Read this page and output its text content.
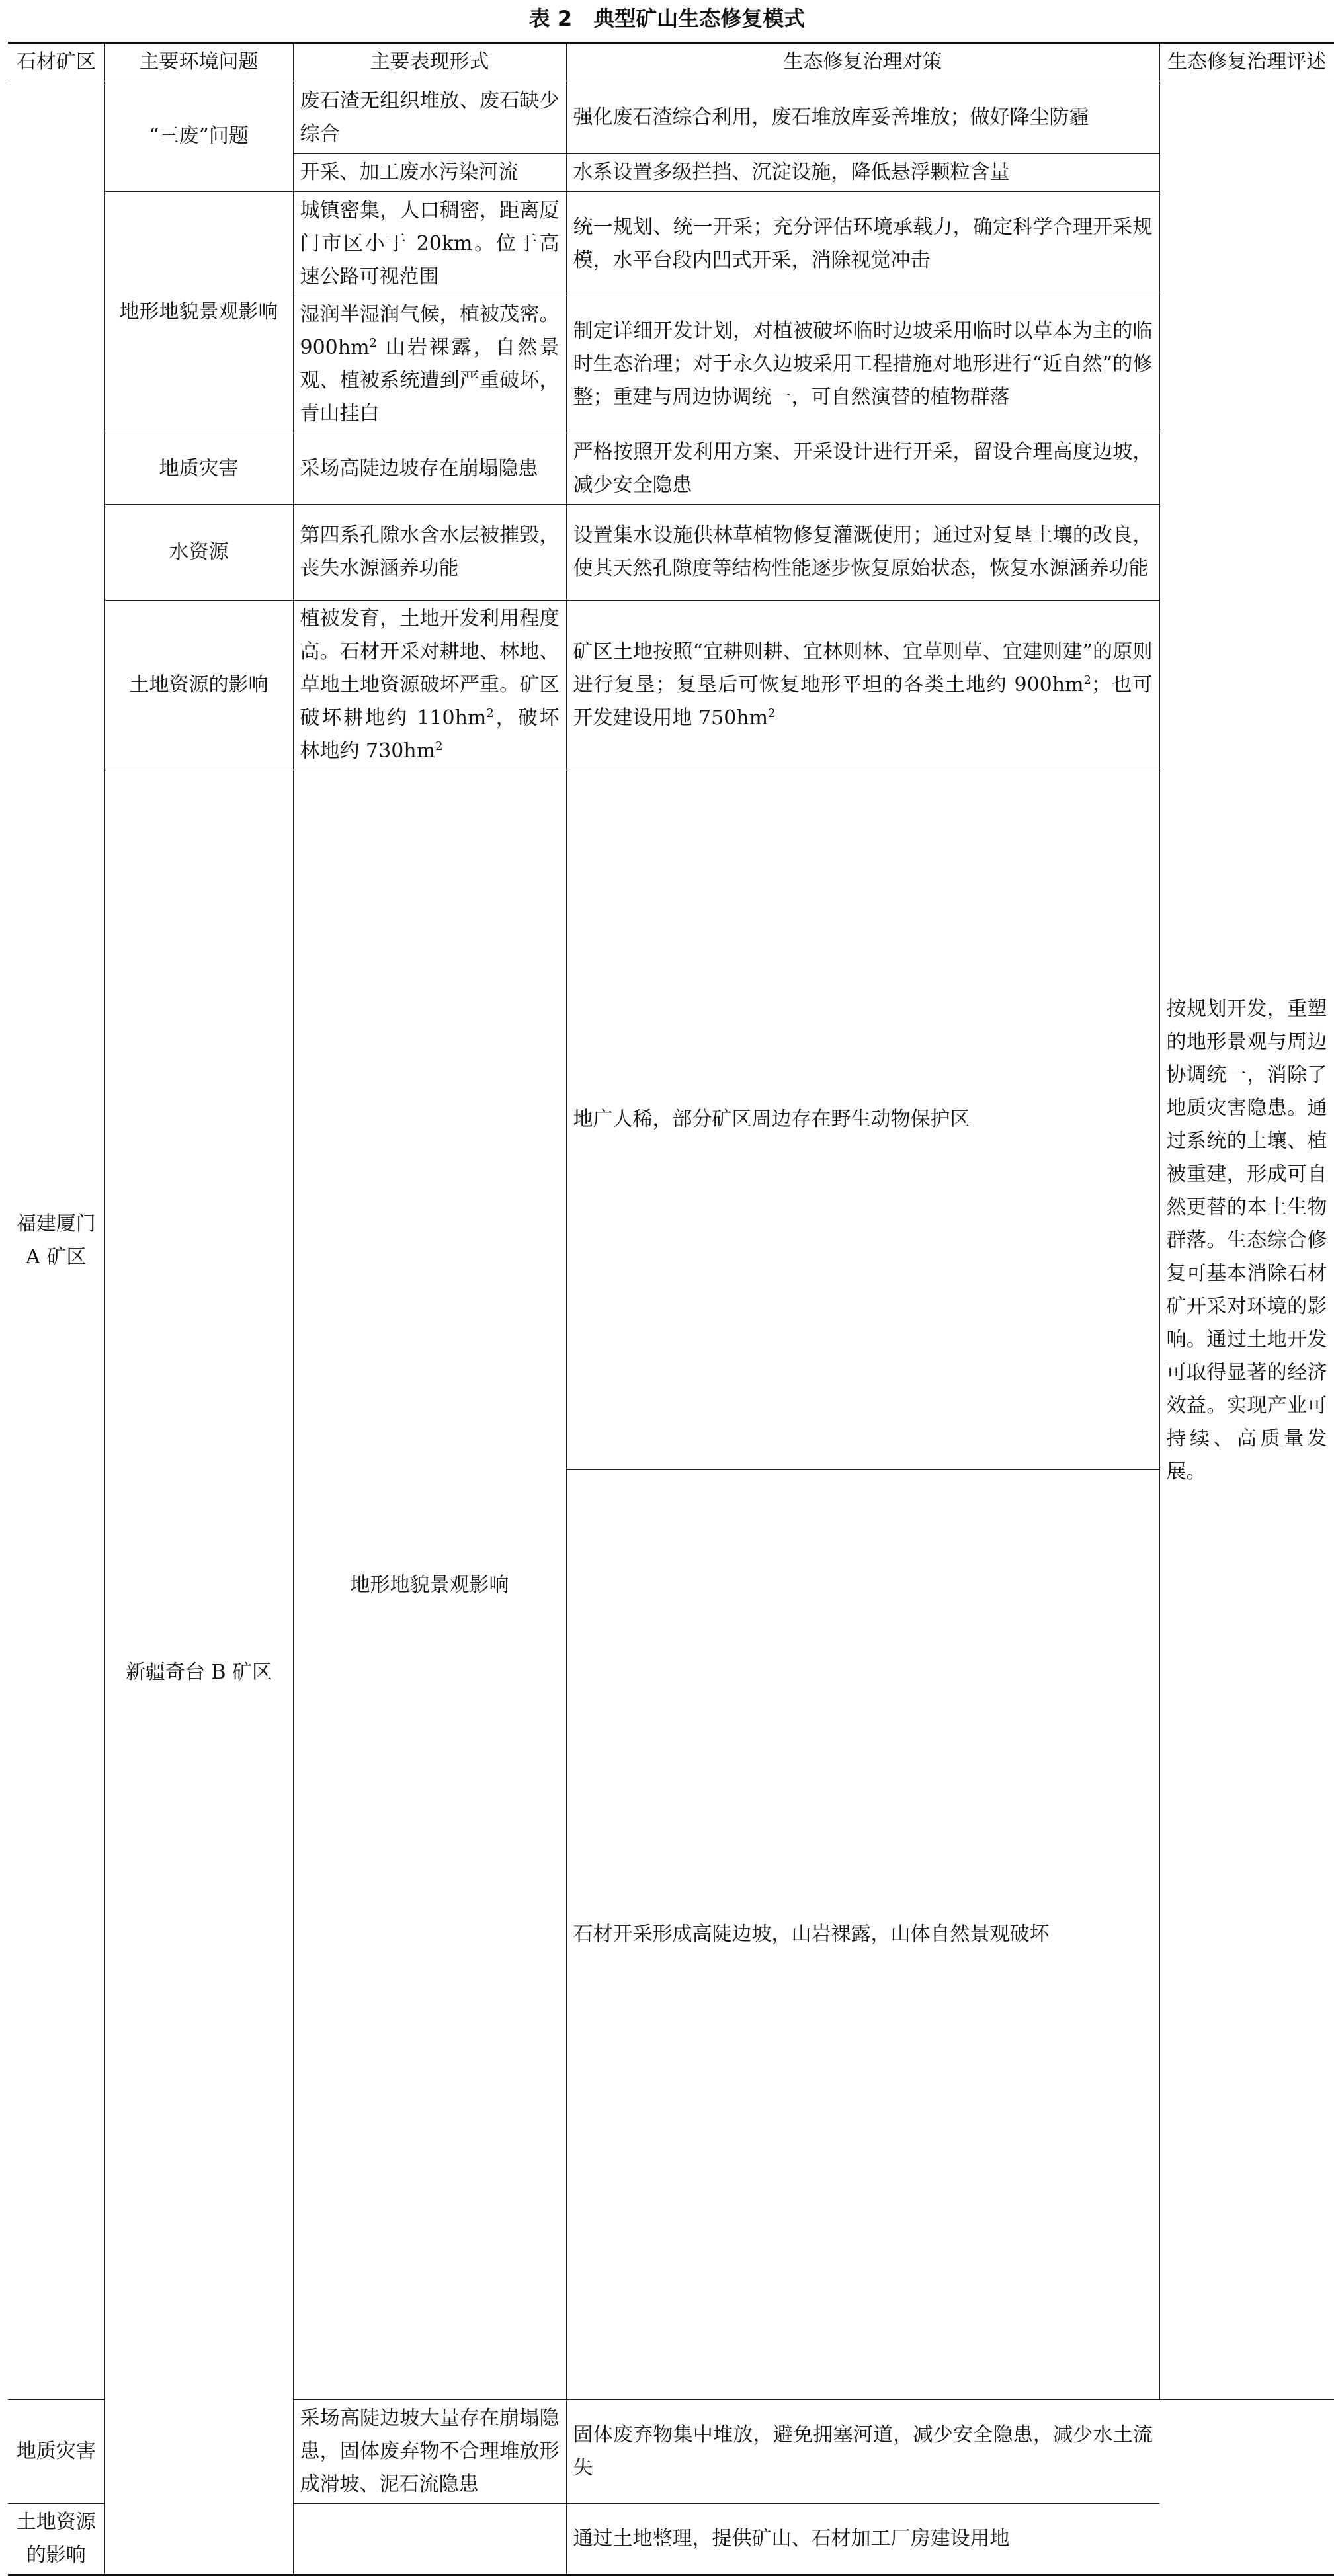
表 2　典型矿山生态修复模式
石材矿区	主要环境问题	主要表现形式	生态修复治理对策	生态修复治理评述	
福建厦门 A 矿区	“三废”问题	废石渣无组织堆放、废石缺少综合	强化废石渣综合利用，废石堆放库妥善堆放；做好降尘防霾	按规划开发，重塑的地形景观与周边协调统一，消除了地质灾害隐患。通过系统的土壤、植被重建，形成可自然更替的本土生物群落。生态综合修复可基本消除石材矿开采对环境的影响。通过土地开发可取得显著的经济效益。实现产业可持续、高质量发展。	
		开采、加工废水污染河流	水系设置多级拦挡、沉淀设施，降低悬浮颗粒含量		
	地形地貌景观影响	城镇密集，人口稠密，距离厦门市区小于 20km。位于高速公路可视范围	统一规划、统一开采；充分评估环境承载力，确定科学合理开采规模，水平台段内凹式开采，消除视觉冲击		
		湿润半湿润气候，植被茂密。$900hm^2$ 山岩裸露，自然景观、植被系统遭到严重破坏，青山挂白	制定详细开发计划，对植被破坏临时边坡采用临时以草本为主的临时生态治理；对于永久边坡采用工程措施对地形进行“近自然”的修整；重建与周边协调统一，可自然演替的植物群落		
	地质灾害	采场高陡边坡存在崩塌隐患	严格按照开发利用方案、开采设计进行开采，留设合理高度边坡，减少安全隐患		
	水资源	第四系孔隙水含水层被摧毁，丧失水源涵养功能	设置集水设施供林草植物修复灌溉使用；通过对复垦土壤的改良，使其天然孔隙度等结构性能逐步恢复原始状态，恢复水源涵养功能		
	土地资源的影响	植被发育，土地开发利用程度高。石材开采对耕地、林地、草地土地资源破坏严重。矿区破坏耕地约 $110hm^2$，破坏林地约 $730hm^2$	矿区土地按照“宜耕则耕、宜林则林、宜草则草、宜建则建”的原则进行复垦；复垦后可恢复地形平坦的各类土地约 $900hm^2$；也可开发建设用地 $750hm^2$
	新疆奇台 B 矿区	地形地貌景观影响	地广人稀，部分矿区周边存在野生动物保护区		
			石材开采形成高陡边坡，山岩裸露，山体自然景观破坏	
地质灾害		采场高陡边坡大量存在崩塌隐患，固体废弃物不合理堆放形成滑坡、泥石流隐患	固体废弃物集中堆放，避免拥塞河道，减少安全隐患，减少水土流失		
土地资源的影响			通过土地整理，提供矿山、石材加工厂房建设用地		
